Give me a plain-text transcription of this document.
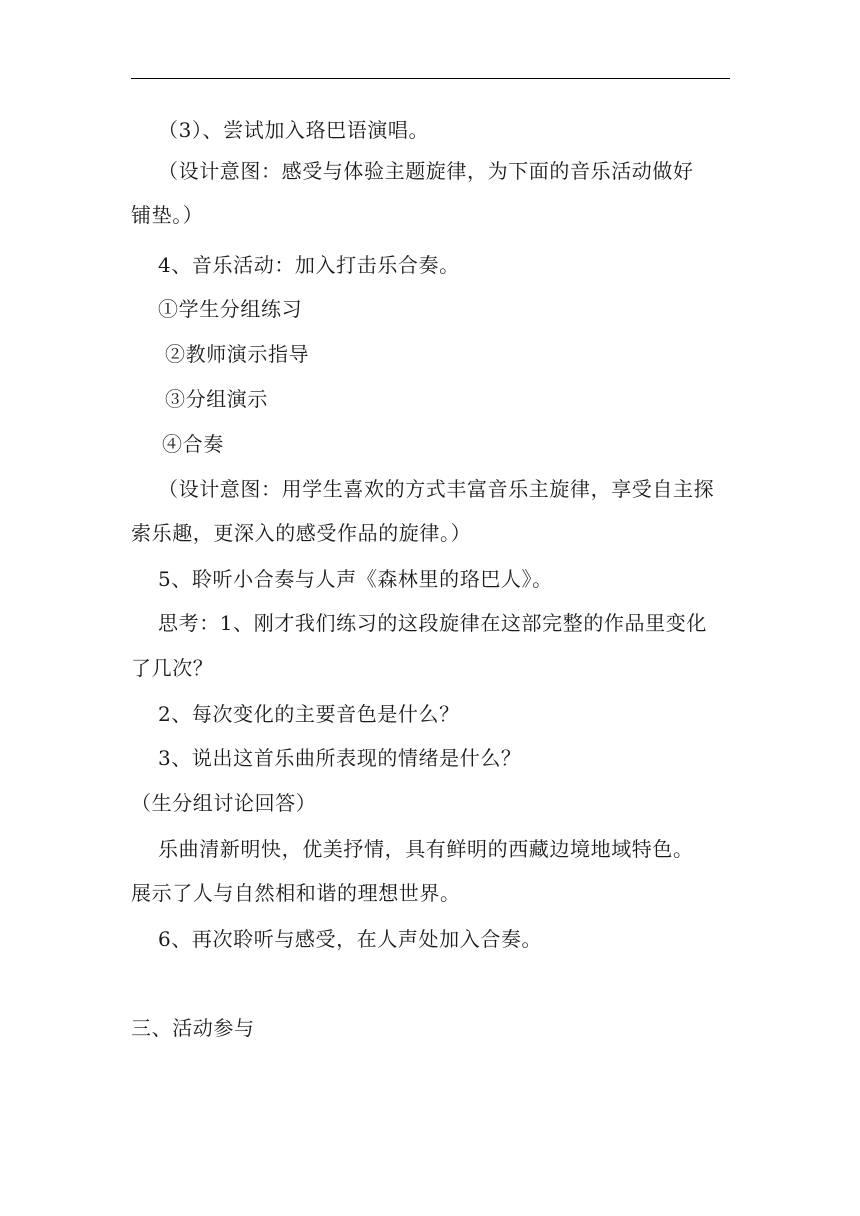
（3）、尝试加入珞巴语演唱。
（设计意图：感受与体验主题旋律，为下面的音乐活动做好
铺垫。）
4、音乐活动：加入打击乐合奏。
①学生分组练习
②教师演示指导
③分组演示
④合奏
（设计意图：用学生喜欢的方式丰富音乐主旋律，享受自主探
索乐趣，更深入的感受作品的旋律。）
5、聆听小合奏与人声《森林里的珞巴人》。
思考：1、刚才我们练习的这段旋律在这部完整的作品里变化
了几次？
2、每次变化的主要音色是什么？
3、说出这首乐曲所表现的情绪是什么？
（生分组讨论回答）
乐曲清新明快，优美抒情，具有鲜明的西藏边境地域特色。
展示了人与自然相和谐的理想世界。
6、再次聆听与感受，在人声处加入合奏。
三、活动参与
